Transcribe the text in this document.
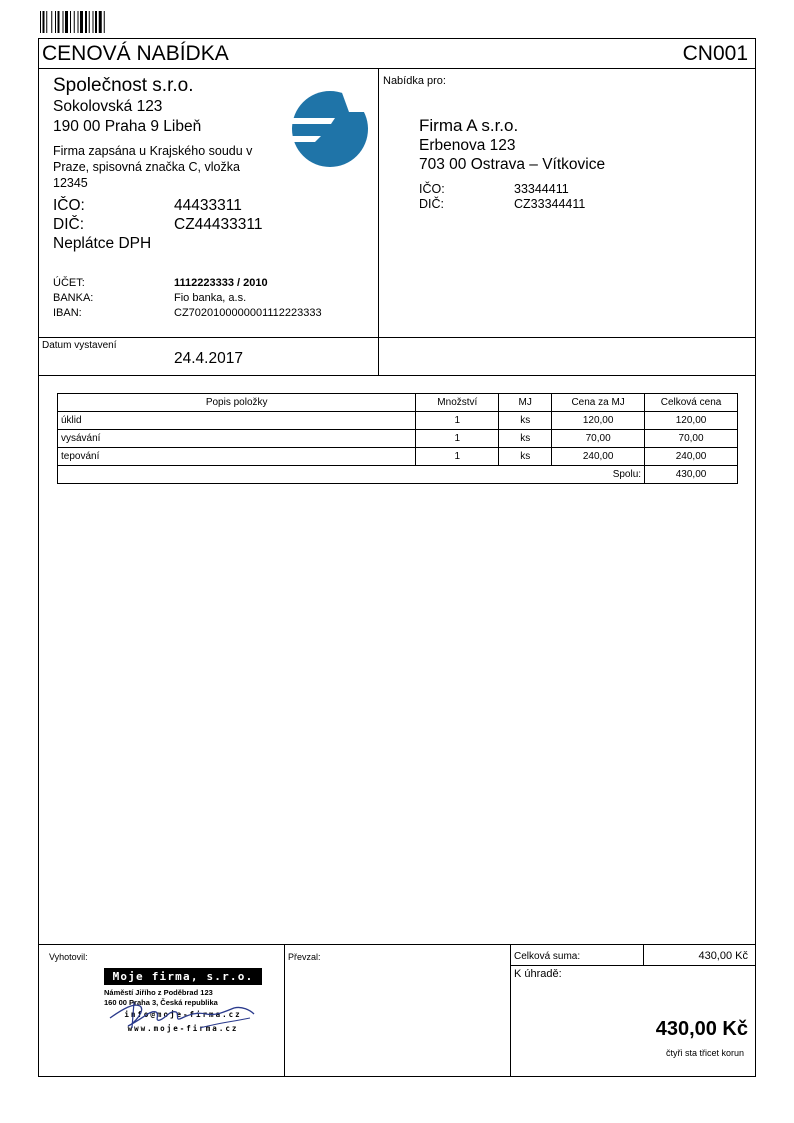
CENOVÁ NABÍDKA	CN001
Společnost s.r.o.
Sokolovská 123
190 00 Praha 9 Libeň
Firma zapsána u Krajského soudu v
Praze, spisovná značka C, vložka
12345
IČO:	44433311
DIČ:	CZ44433311
Neplátce DPH
ÚČET:	1112223333 / 2010
BANKA:	Fio banka, a.s.
IBAN:	CZ7020100000001112223333
Nabídka pro:
Firma A s.r.o.
Erbenova 123
703 00 Ostrava – Vítkovice
IČO:	33344411
DIČ:	CZ33344411
Datum vystavení
24.4.2017
Popis položky	Množství	MJ	Cena za MJ	Celková cena
úklid	1	ks	120,00	120,00
vysávání	1	ks	70,00	70,00
tepování	1	ks	240,00	240,00
Spolu:				430,00
Vyhotovil:	Převzal:	Celková suma:	430,00 Kč
K úhradě:
430,00 Kč
čtyři sta třicet korun
Moje firma, s.r.o.
Náměstí Jiřího z Poděbrad 123
160 00 Praha 3, Česká republika
info@moje-firma.cz
www.moje-firma.cz
